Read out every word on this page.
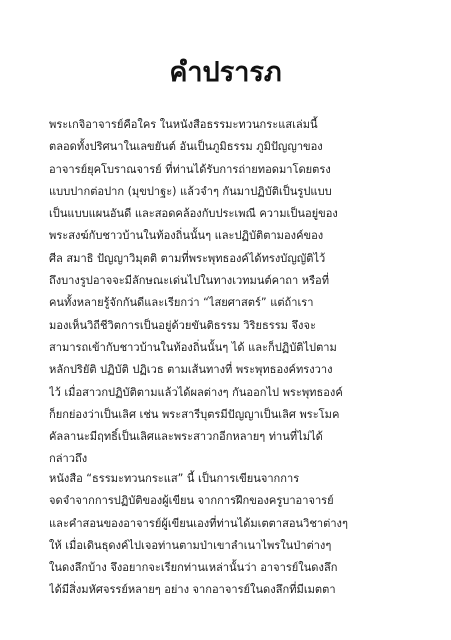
คำปรารภ
พระเกจิอาจารย์คือใคร ในหนังสือธรรมะทวนกระแสเล่มนี้
ตลอดทั้งปริศนาในเลขยันต์ อันเป็นภูมิธรรม ภูมิปัญญาของ
อาจารย์ยุคโบราณจารย์ ที่ท่านได้รับการถ่ายทอดมาโดยตรง
แบบปากต่อปาก (มุขปาฐะ) แล้วจำๆ กันมาปฏิบัติเป็นรูปแบบ
เป็นแบบแผนอันดี และสอดคล้องกับประเพณี ความเป็นอยู่ของ
พระสงฆ์กับชาวบ้านในท้องถิ่นนั้นๆ และปฏิบัติตามองค์ของ
ศีล สมาธิ ปัญญาวิมุตติ ตามที่พระพุทธองค์ได้ทรงบัญญัติไว้
ถึงบางรูปอาจจะมีลักษณะเด่นไปในทางเวทมนต์คาถา หรือที่
คนทั้งหลายรู้จักกันดีและเรียกว่า “ไสยศาสตร์” แต่ถ้าเรา
มองเห็นวิถีชีวิตการเป็นอยู่ด้วยขันติธรรม วิริยธรรม จึงจะ
สามารถเข้ากับชาวบ้านในท้องถิ่นนั้นๆ ได้ และก็ปฏิบัติไปตาม
หลักปริยัติ ปฏิบัติ ปฏิเวธ ตามเส้นทางที่ พระพุทธองค์ทรงวาง
ไว้ เมื่อสาวกปฏิบัติตามแล้วได้ผลต่างๆ กันออกไป พระพุทธองค์
ก็ยกย่องว่าเป็นเลิศ เช่น พระสารีบุตรมีปัญญาเป็นเลิศ พระโมค
คัลลานะมีฤทธิ์เป็นเลิศและพระสาวกอีกหลายๆ ท่านที่ไม่ได้
กล่าวถึง
หนังสือ “ธรรมะทวนกระแส” นี้ เป็นการเขียนจากการ
จดจำจากการปฏิบัติของผู้เขียน จากการฝึกของครูบาอาจารย์
และคำสอนของอาจารย์ผู้เขียนเองที่ท่านได้มเตตาสอนวิชาต่างๆ
ให้ เมื่อเดินธุดงค์ไปเจอท่านตามป่าเขาลำเนาไพรในป่าต่างๆ
ในดงลึกบ้าง จึงอยากจะเรียกท่านเหล่านั้นว่า อาจารย์ในดงลึก
ได้มีสิ่งมหัศจรรย์หลายๆ อย่าง จากอาจารย์ในดงลึกที่มีเมตตา
